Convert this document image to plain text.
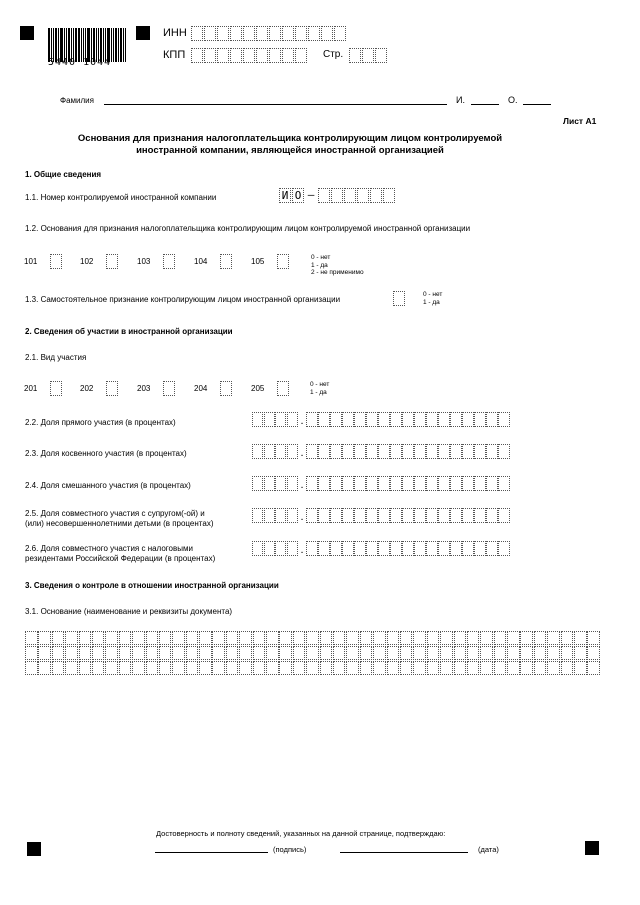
5440 1044
ИНН
КПП	Стр.
Фамилия	И.	О.
Лист А1
Основания для признания налогоплательщика контролирующим лицом контролируемой
иностранной компании, являющейся иностранной организацией
1. Общие сведения
1.1. Номер контролируемой иностранной компании	И О –
1.2. Основания для признания налогоплательщика контролирующим лицом контролируемой иностранной организации
0 - нет
1 - да
2 - не применимо
1.3. Самостоятельное признание контролирующим лицом иностранной организации
0 - нет
1 - да
2. Сведения об участии в иностранной организации
2.1. Вид участия
0 - нет
1 - да
2.2. Доля прямого участия (в процентах)	.
2.3. Доля косвенного участия (в процентах)	.
2.4. Доля смешанного участия (в процентах)	.
2.5. Доля совместного участия с супругом(-ой) и
(или) несовершеннолетними детьми (в процентах)
.
2.6. Доля совместного участия с налоговыми
резидентами Российской Федерации (в процентах)
.
3. Сведения о контроле в отношении иностранной организации
3.1. Основание (наименование и реквизиты документа)
Достоверность и полноту сведений, указанных на данной странице, подтверждаю:
(подпись)	(дата)
101	102	103	104	105
201	202	203	204	205
